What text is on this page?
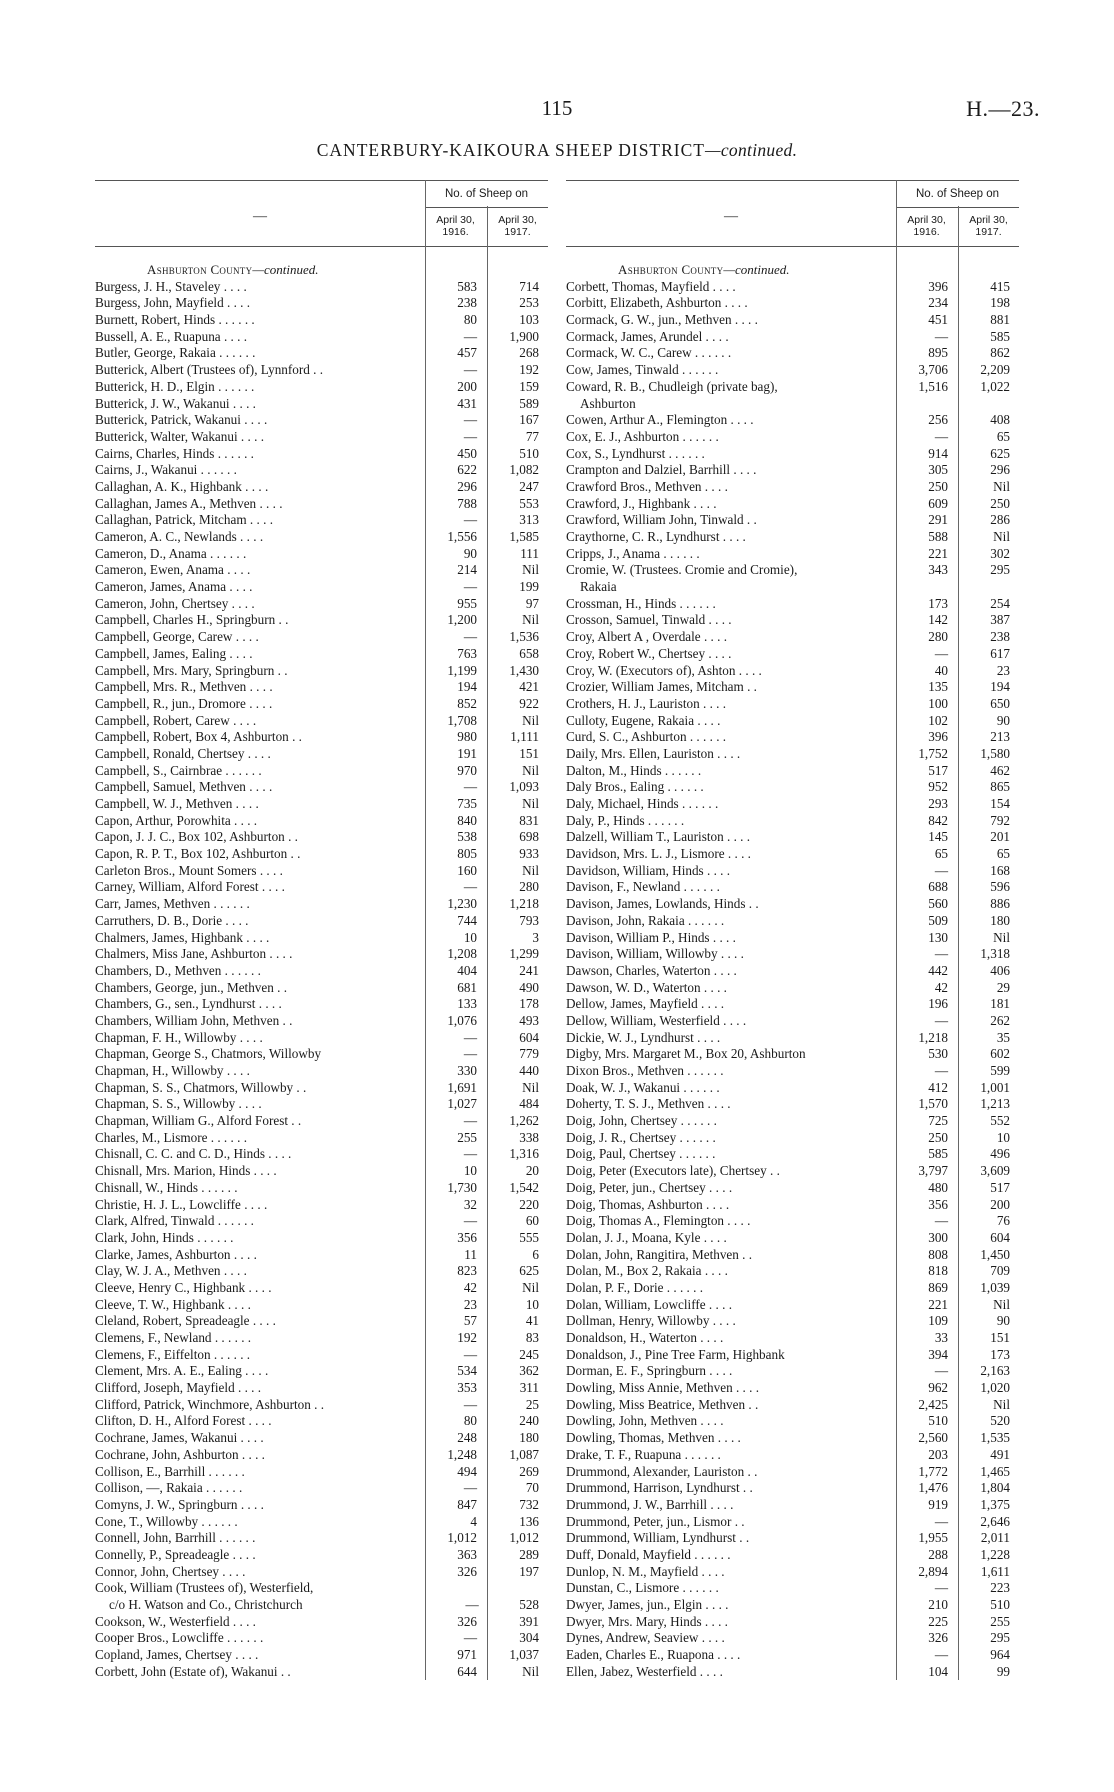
115	H.—23.
CANTERBURY-KAIKOURA SHEEP DISTRICT—continued.
—
No. of Sheep on
April 30, 1916.
April 30, 1917.
Ashburton County—continued.
Burgess, J. H., Staveley . . . .	583	714
Burgess, John, Mayfield . . . .	238	253
Burnett, Robert, Hinds . . . . . .	80	103
Bussell, A. E., Ruapuna . . . .	—	1,900
Butler, George, Rakaia . . . . . .	457	268
Butterick, Albert (Trustees of), Lynnford . .	—	192
Butterick, H. D., Elgin . . . . . .	200	159
Butterick, J. W., Wakanui . . . .	431	589
Butterick, Patrick, Wakanui . . . .	—	167
Butterick, Walter, Wakanui . . . .	—	77
Cairns, Charles, Hinds . . . . . .	450	510
Cairns, J., Wakanui . . . . . .	622	1,082
Callaghan, A. K., Highbank . . . .	296	247
Callaghan, James A., Methven . . . .	788	553
Callaghan, Patrick, Mitcham . . . .	—	313
Cameron, A. C., Newlands . . . .	1,556	1,585
Cameron, D., Anama . . . . . .	90	111
Cameron, Ewen, Anama . . . .	214	Nil
Cameron, James, Anama . . . .	—	199
Cameron, John, Chertsey . . . .	955	97
Campbell, Charles H., Springburn . .	1,200	Nil
Campbell, George, Carew . . . .	—	1,536
Campbell, James, Ealing . . . .	763	658
Campbell, Mrs. Mary, Springburn . .	1,199	1,430
Campbell, Mrs. R., Methven . . . .	194	421
Campbell, R., jun., Dromore . . . .	852	922
Campbell, Robert, Carew . . . .	1,708	Nil
Campbell, Robert, Box 4, Ashburton . .	980	1,111
Campbell, Ronald, Chertsey . . . .	191	151
Campbell, S., Cairnbrae . . . . . .	970	Nil
Campbell, Samuel, Methven . . . .	—	1,093
Campbell, W. J., Methven . . . .	735	Nil
Capon, Arthur, Porowhita . . . .	840	831
Capon, J. J. C., Box 102, Ashburton . .	538	698
Capon, R. P. T., Box 102, Ashburton . .	805	933
Carleton Bros., Mount Somers . . . .	160	Nil
Carney, William, Alford Forest . . . .	—	280
Carr, James, Methven . . . . . .	1,230	1,218
Carruthers, D. B., Dorie . . . .	744	793
Chalmers, James, Highbank . . . .	10	3
Chalmers, Miss Jane, Ashburton . . . .	1,208	1,299
Chambers, D., Methven . . . . . .	404	241
Chambers, George, jun., Methven . .	681	490
Chambers, G., sen., Lyndhurst . . . .	133	178
Chambers, William John, Methven . .	1,076	493
Chapman, F. H., Willowby . . . .	—	604
Chapman, George S., Chatmors, Willowby	—	779
Chapman, H., Willowby . . . .	330	440
Chapman, S. S., Chatmors, Willowby . .	1,691	Nil
Chapman, S. S., Willowby . . . .	1,027	484
Chapman, William G., Alford Forest . .	—	1,262
Charles, M., Lismore . . . . . .	255	338
Chisnall, C. C. and C. D., Hinds . . . .	—	1,316
Chisnall, Mrs. Marion, Hinds . . . .	10	20
Chisnall, W., Hinds . . . . . .	1,730	1,542
Christie, H. J. L., Lowcliffe . . . .	32	220
Clark, Alfred, Tinwald . . . . . .	—	60
Clark, John, Hinds . . . . . .	356	555
Clarke, James, Ashburton . . . .	11	6
Clay, W. J. A., Methven . . . .	823	625
Cleeve, Henry C., Highbank . . . .	42	Nil
Cleeve, T. W., Highbank . . . .	23	10
Cleland, Robert, Spreadeagle . . . .	57	41
Clemens, F., Newland . . . . . .	192	83
Clemens, F., Eiffelton . . . . . .	—	245
Clement, Mrs. A. E., Ealing . . . .	534	362
Clifford, Joseph, Mayfield . . . .	353	311
Clifford, Patrick, Winchmore, Ashburton . .	—	25
Clifton, D. H., Alford Forest . . . .	80	240
Cochrane, James, Wakanui . . . .	248	180
Cochrane, John, Ashburton . . . .	1,248	1,087
Collison, E., Barrhill . . . . . .	494	269
Collison, —, Rakaia . . . . . .	—	70
Comyns, J. W., Springburn . . . .	847	732
Cone, T., Willowby . . . . . .	4	136
Connell, John, Barrhill . . . . . .	1,012	1,012
Connelly, P., Spreadeagle . . . .	363	289
Connor, John, Chertsey . . . .	326	197
Cook, William (Trustees of), Westerfield,
c/o H. Watson and Co., Christchurch	—	528
Cookson, W., Westerfield . . . .	326	391
Cooper Bros., Lowcliffe . . . . . .	—	304
Copland, James, Chertsey . . . .	971	1,037
Corbett, John (Estate of), Wakanui . .	644	Nil
—
No. of Sheep on
April 30, 1916.
April 30, 1917.
Ashburton County—continued.
Corbett, Thomas, Mayfield . . . .	396	415
Corbitt, Elizabeth, Ashburton . . . .	234	198
Cormack, G. W., jun., Methven . . . .	451	881
Cormack, James, Arundel . . . .	—	585
Cormack, W. C., Carew . . . . . .	895	862
Cow, James, Tinwald . . . . . .	3,706	2,209
Coward, R. B., Chudleigh (private bag),	1,516	1,022
Ashburton
Cowen, Arthur A., Flemington . . . .	256	408
Cox, E. J., Ashburton . . . . . .	—	65
Cox, S., Lyndhurst . . . . . .	914	625
Crampton and Dalziel, Barrhill . . . .	305	296
Crawford Bros., Methven . . . .	250	Nil
Crawford, J., Highbank . . . .	609	250
Crawford, William John, Tinwald . .	291	286
Craythorne, C. R., Lyndhurst . . . .	588	Nil
Cripps, J., Anama . . . . . .	221	302
Cromie, W. (Trustees. Cromie and Cromie),	343	295
Rakaia
Crossman, H., Hinds . . . . . .	173	254
Crosson, Samuel, Tinwald . . . .	142	387
Croy, Albert A , Overdale . . . .	280	238
Croy, Robert W., Chertsey . . . .	—	617
Croy, W. (Executors of), Ashton . . . .	40	23
Crozier, William James, Mitcham . .	135	194
Crothers, H. J., Lauriston . . . .	100	650
Culloty, Eugene, Rakaia . . . .	102	90
Curd, S. C., Ashburton . . . . . .	396	213
Daily, Mrs. Ellen, Lauriston . . . .	1,752	1,580
Dalton, M., Hinds . . . . . .	517	462
Daly Bros., Ealing . . . . . .	952	865
Daly, Michael, Hinds . . . . . .	293	154
Daly, P., Hinds . . . . . .	842	792
Dalzell, William T., Lauriston . . . .	145	201
Davidson, Mrs. L. J., Lismore . . . .	65	65
Davidson, William, Hinds . . . .	—	168
Davison, F., Newland . . . . . .	688	596
Davison, James, Lowlands, Hinds . .	560	886
Davison, John, Rakaia . . . . . .	509	180
Davison, William P., Hinds . . . .	130	Nil
Davison, William, Willowby . . . .	—	1,318
Dawson, Charles, Waterton . . . .	442	406
Dawson, W. D., Waterton . . . .	42	29
Dellow, James, Mayfield . . . .	196	181
Dellow, William, Westerfield . . . .	—	262
Dickie, W. J., Lyndhurst . . . .	1,218	35
Digby, Mrs. Margaret M., Box 20, Ashburton	530	602
Dixon Bros., Methven . . . . . .	—	599
Doak, W. J., Wakanui . . . . . .	412	1,001
Doherty, T. S. J., Methven . . . .	1,570	1,213
Doig, John, Chertsey . . . . . .	725	552
Doig, J. R., Chertsey . . . . . .	250	10
Doig, Paul, Chertsey . . . . . .	585	496
Doig, Peter (Executors late), Chertsey . .	3,797	3,609
Doig, Peter, jun., Chertsey . . . .	480	517
Doig, Thomas, Ashburton . . . .	356	200
Doig, Thomas A., Flemington . . . .	—	76
Dolan, J. J., Moana, Kyle . . . .	300	604
Dolan, John, Rangitira, Methven . .	808	1,450
Dolan, M., Box 2, Rakaia . . . .	818	709
Dolan, P. F., Dorie . . . . . .	869	1,039
Dolan, William, Lowcliffe . . . .	221	Nil
Dollman, Henry, Willowby . . . .	109	90
Donaldson, H., Waterton . . . .	33	151
Donaldson, J., Pine Tree Farm, Highbank	394	173
Dorman, E. F., Springburn . . . .	—	2,163
Dowling, Miss Annie, Methven . . . .	962	1,020
Dowling, Miss Beatrice, Methven . .	2,425	Nil
Dowling, John, Methven . . . .	510	520
Dowling, Thomas, Methven . . . .	2,560	1,535
Drake, T. F., Ruapuna . . . . . .	203	491
Drummond, Alexander, Lauriston . .	1,772	1,465
Drummond, Harrison, Lyndhurst . .	1,476	1,804
Drummond, J. W., Barrhill . . . .	919	1,375
Drummond, Peter, jun., Lismor . .	—	2,646
Drummond, William, Lyndhurst . .	1,955	2,011
Duff, Donald, Mayfield . . . . . .	288	1,228
Dunlop, N. M., Mayfield . . . .	2,894	1,611
Dunstan, C., Lismore . . . . . .	—	223
Dwyer, James, jun., Elgin . . . .	210	510
Dwyer, Mrs. Mary, Hinds . . . .	225	255
Dynes, Andrew, Seaview . . . .	326	295
Eaden, Charles E., Ruapona . . . .	—	964
Ellen, Jabez, Westerfield . . . .	104	99
